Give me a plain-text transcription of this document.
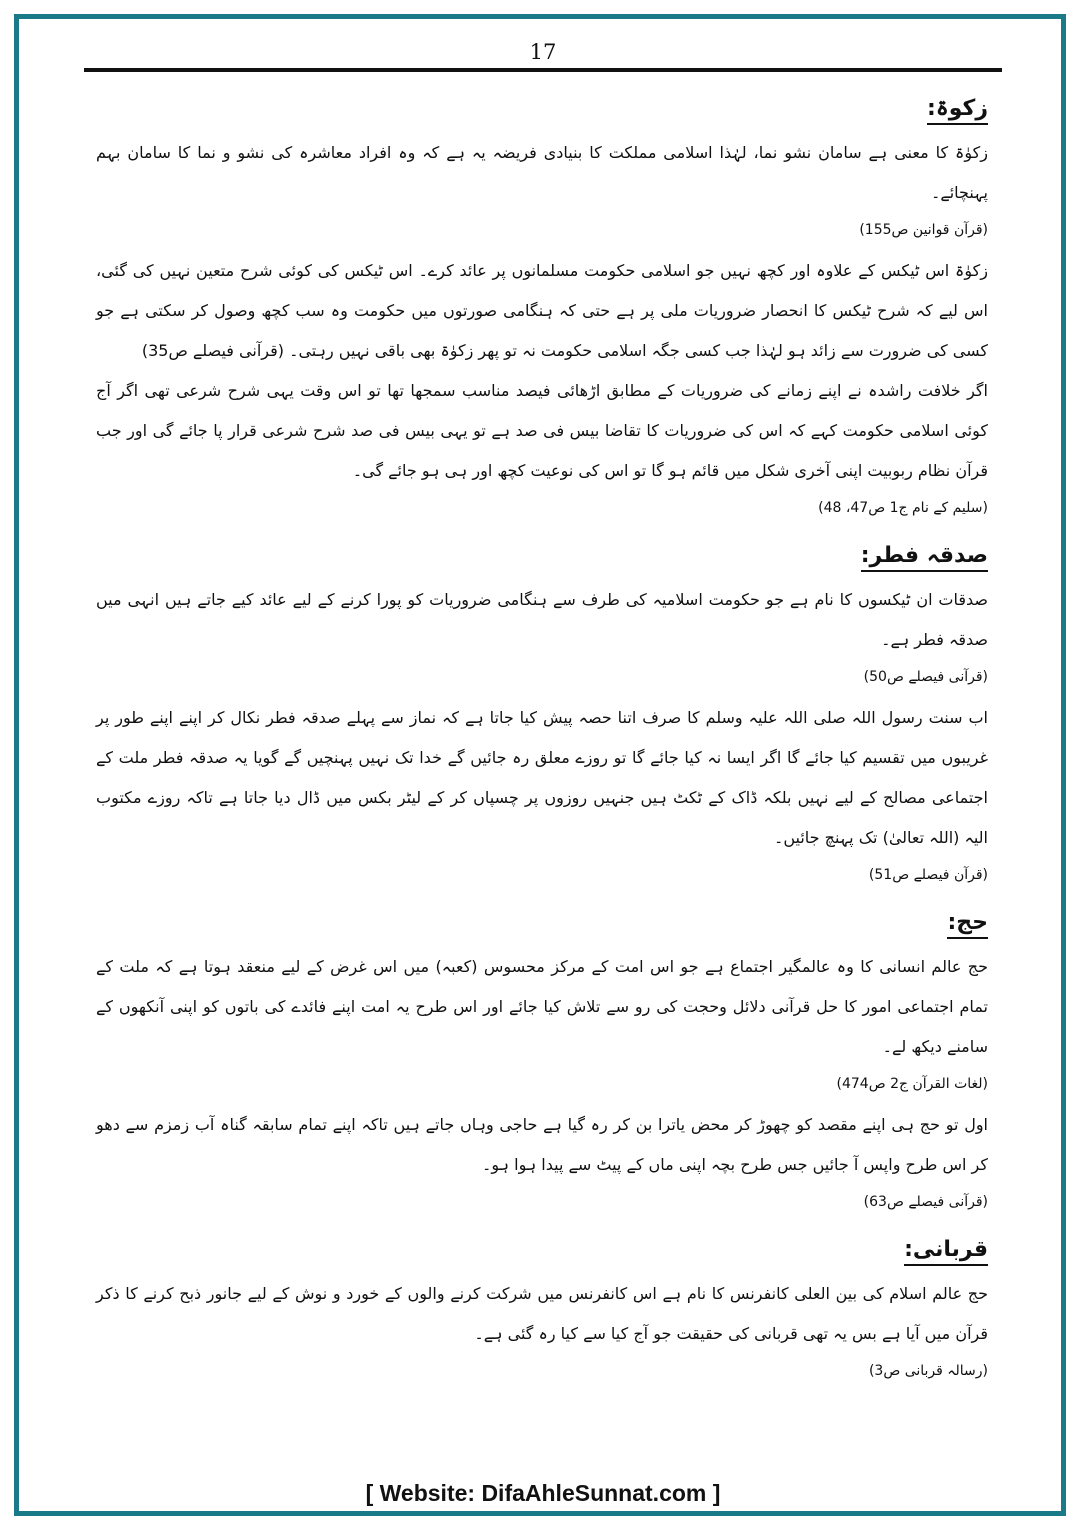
17
زکوۃ:

زکوٰۃ کا معنی ہے سامان نشو نما، لہٰذا اسلامی مملکت کا بنیادی فریضہ یہ ہے کہ وہ افراد معاشرہ کی نشو و نما کا سامان بہم پہنچائے۔

(قرآن قوانین ص155)

زکوٰۃ اس ٹیکس کے علاوہ اور کچھ نہیں جو اسلامی حکومت مسلمانوں پر عائد کرے۔ اس ٹیکس کی کوئی شرح متعین نہیں کی گئی، اس لیے کہ شرح ٹیکس کا انحصار ضروریات ملی پر ہے حتی کہ ہنگامی صورتوں میں حکومت وہ سب کچھ وصول کر سکتی ہے جو کسی کی ضرورت سے زائد ہو لہٰذا جب کسی جگہ اسلامی حکومت نہ تو پھر زکوٰۃ بھی باقی نہیں رہتی۔ (قرآنی فیصلے ص35)

اگر خلافت راشدہ نے اپنے زمانے کی ضروریات کے مطابق اڑھائی فیصد مناسب سمجھا تھا تو اس وقت یہی شرح شرعی تھی اگر آج کوئی اسلامی حکومت کہے کہ اس کی ضروریات کا تقاضا بیس فی صد ہے تو یہی بیس فی صد شرح شرعی قرار پا جائے گی اور جب قرآن نظام ربوبیت اپنی آخری شکل میں قائم ہو گا تو اس کی نوعیت کچھ اور ہی ہو جائے گی۔

(سلیم کے نام ج1 ص47، 48)
صدقہ فطر:

صدقات ان ٹیکسوں کا نام ہے جو حکومت اسلامیہ کی طرف سے ہنگامی ضروریات کو پورا کرنے کے لیے عائد کیے جاتے ہیں انہی میں صدقہ فطر ہے۔

(قرآنی فیصلے ص50)

اب سنت رسول اللہ صلی اللہ علیہ وسلم کا صرف اتنا حصہ پیش کیا جاتا ہے کہ نماز سے پہلے صدقہ فطر نکال کر اپنے اپنے طور پر غریبوں میں تقسیم کیا جائے گا اگر ایسا نہ کیا جائے گا تو روزے معلق رہ جائیں گے خدا تک نہیں پہنچیں گے گویا یہ صدقہ فطر ملت کے اجتماعی مصالح کے لیے نہیں بلکہ ڈاک کے ٹکٹ ہیں جنہیں روزوں پر چسپاں کر کے لیٹر بکس میں ڈال دیا جاتا ہے تاکہ روزے مکتوب الیہ (اللہ تعالیٰ) تک پہنچ جائیں۔

(قرآن فیصلے ص51)
حج:

حج عالم انسانی کا وہ عالمگیر اجتماع ہے جو اس امت کے مرکز محسوس (کعبہ) میں اس غرض کے لیے منعقد ہوتا ہے کہ ملت کے تمام اجتماعی امور کا حل قرآنی دلائل وحجت کی رو سے تلاش کیا جائے اور اس طرح یہ امت اپنے فائدے کی باتوں کو اپنی آنکھوں کے سامنے دیکھ لے۔

(لغات القرآن ج2 ص474)

اول تو حج ہی اپنے مقصد کو چھوڑ کر محض یاترا بن کر رہ گیا ہے حاجی وہاں جاتے ہیں تاکہ اپنے تمام سابقہ گناہ آب زمزم سے دھو کر اس طرح واپس آ جائیں جس طرح بچہ اپنی ماں کے پیٹ سے پیدا ہوا ہو۔

(قرآنی فیصلے ص63)
قربانی:

حج عالم اسلام کی بین العلی کانفرنس کا نام ہے اس کانفرنس میں شرکت کرنے والوں کے خورد و نوش کے لیے جانور ذبح کرنے کا ذکر قرآن میں آیا ہے بس یہ تھی قربانی کی حقیقت جو آج کیا سے کیا رہ گئی ہے۔

(رسالہ قربانی ص3)
[ Website: DifaAhleSunnat.com ]
